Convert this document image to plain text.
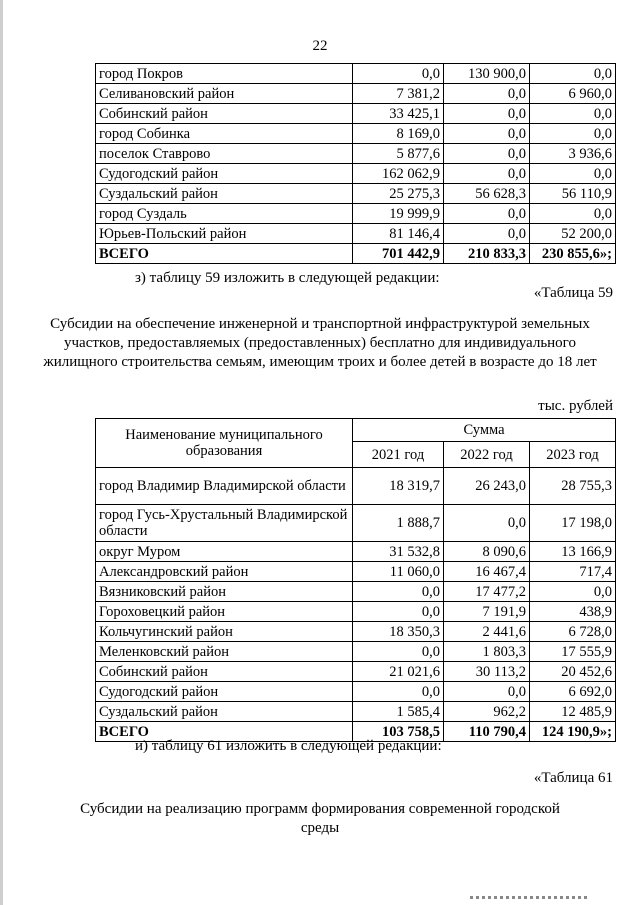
22
город Покров	0,0	130 900,0	0,0
Селивановский район	7 381,2	0,0	6 960,0
Собинский район	33 425,1	0,0	0,0
город Собинка	8 169,0	0,0	0,0
поселок Ставрово	5 877,6	0,0	3 936,6
Судогодский район	162 062,9	0,0	0,0
Суздальский район	25 275,3	56 628,3	56 110,9
город Суздаль	19 999,9	0,0	0,0
Юрьев-Польский район	81 146,4	0,0	52 200,0
ВСЕГО	701 442,9	210 833,3	230 855,6»;
з) таблицу 59 изложить в следующей редакции:
«Таблица 59
Субсидии на обеспечение инженерной и транспортной инфраструктурой земельных участков, предоставляемых (предоставленных) бесплатно для индивидуального жилищного строительства семьям, имеющим троих и более детей в возрасте до 18 лет
тыс. рублей
Наименование муниципального образования	Сумма		
	2021 год	2022 год	2023 год
город Владимир Владимирской области	18 319,7	26 243,0	28 755,3
город Гусь-Хрустальный Владимирской области	1 888,7	0,0	17 198,0
округ Муром	31 532,8	8 090,6	13 166,9
Александровский район	11 060,0	16 467,4	717,4
Вязниковский район	0,0	17 477,2	0,0
Гороховецкий район	0,0	7 191,9	438,9
Кольчугинский район	18 350,3	2 441,6	6 728,0
Меленковский район	0,0	1 803,3	17 555,9
Собинский район	21 021,6	30 113,2	20 452,6
Судогодский район	0,0	0,0	6 692,0
Суздальский район	1 585,4	962,2	12 485,9
ВСЕГО	103 758,5	110 790,4	124 190,9»;
и) таблицу 61 изложить в следующей редакции:
«Таблица 61
Субсидии на реализацию программ формирования современной городской среды
